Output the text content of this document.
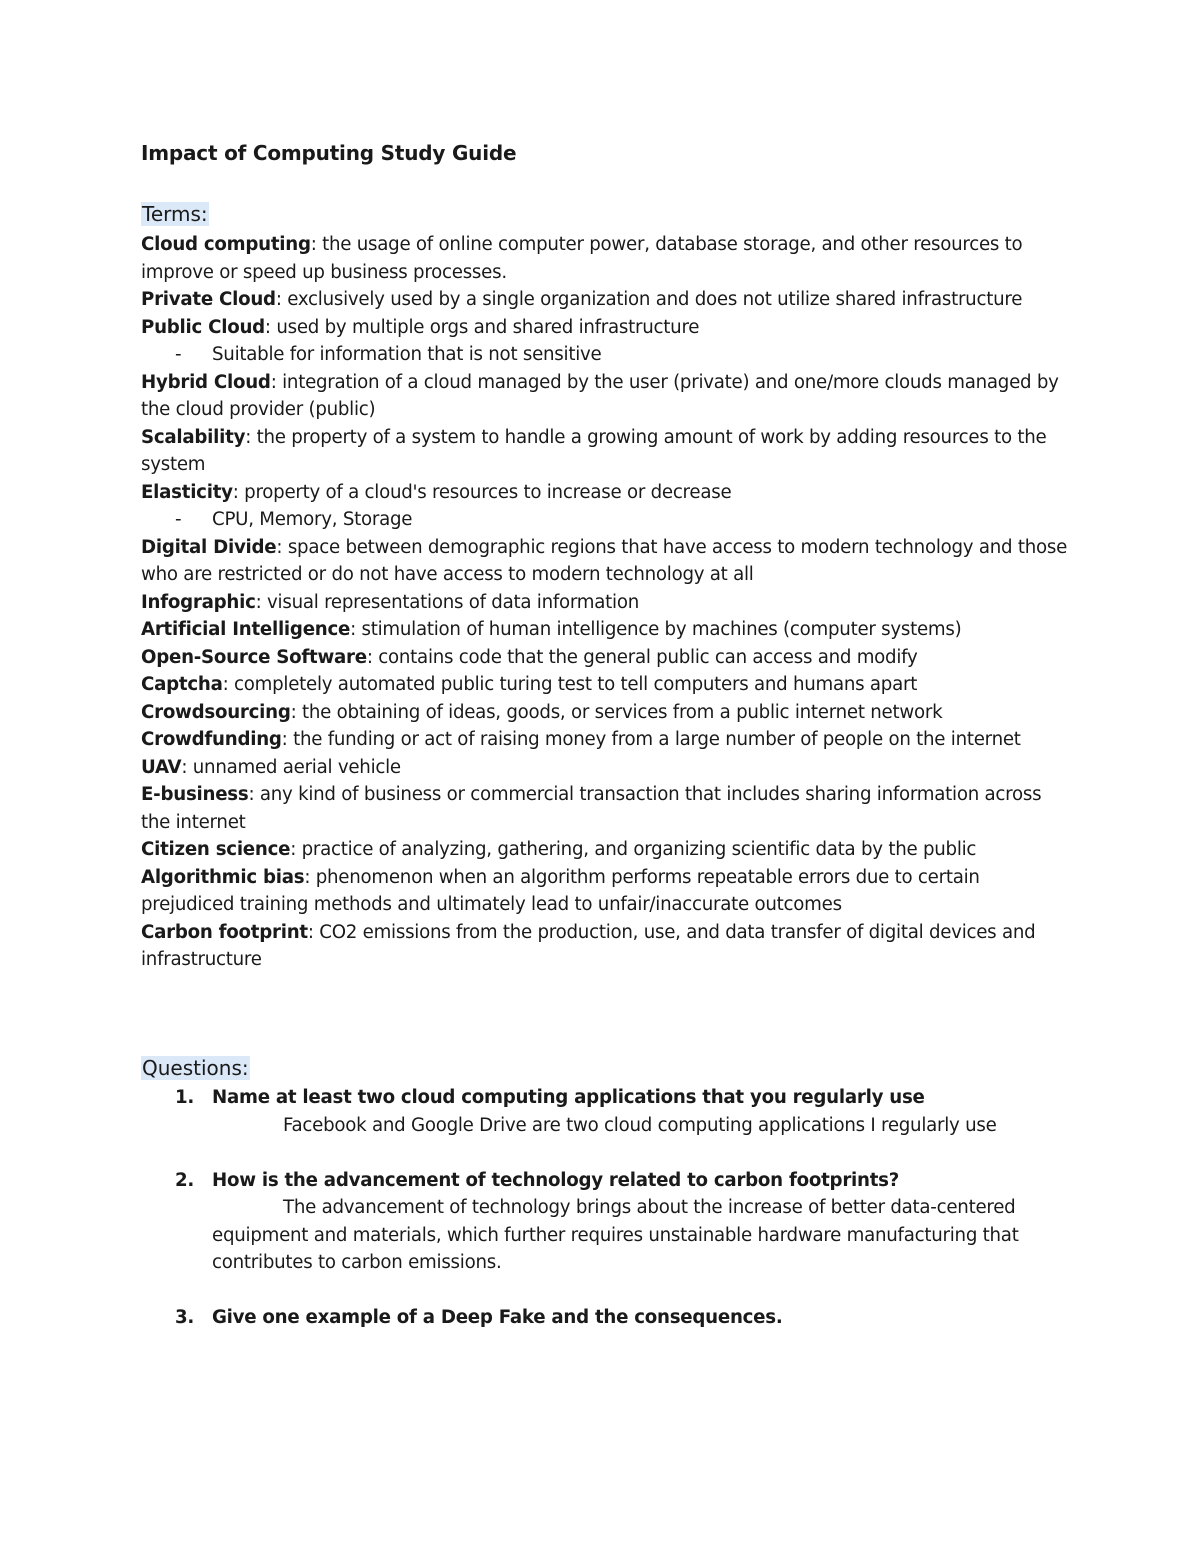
Impact of Computing Study Guide
Terms:

Cloud computing: the usage of online computer power, database storage, and other resources to improve or speed up business processes.

Private Cloud: exclusively used by a single organization and does not utilize shared infrastructure

Public Cloud: used by multiple orgs and shared infrastructure

- Suitable for information that is not sensitive

Hybrid Cloud: integration of a cloud managed by the user (private) and one/more clouds managed by the cloud provider (public)

Scalability: the property of a system to handle a growing amount of work by adding resources to the system

Elasticity: property of a cloud's resources to increase or decrease

- CPU, Memory, Storage

Digital Divide: space between demographic regions that have access to modern technology and those who are restricted or do not have access to modern technology at all

Infographic: visual representations of data information

Artificial Intelligence: stimulation of human intelligence by machines (computer systems)

Open-Source Software: contains code that the general public can access and modify

Captcha: completely automated public turing test to tell computers and humans apart

Crowdsourcing: the obtaining of ideas, goods, or services from a public internet network

Crowdfunding: the funding or act of raising money from a large number of people on the internet

UAV: unnamed aerial vehicle

E-business: any kind of business or commercial transaction that includes sharing information across the internet

Citizen science: practice of analyzing, gathering, and organizing scientific data by the public

Algorithmic bias: phenomenon when an algorithm performs repeatable errors due to certain prejudiced training methods and ultimately lead to unfair/inaccurate outcomes

Carbon footprint: CO2 emissions from the production, use, and data transfer of digital devices and infrastructure

Questions:
1. Name at least two cloud computing applications that you regularly use
Facebook and Google Drive are two cloud computing applications I regularly use
2. How is the advancement of technology related to carbon footprints?
The advancement of technology brings about the increase of better data-centered equipment and materials, which further requires unstainable hardware manufacturing that contributes to carbon emissions.
3. Give one example of a Deep Fake and the consequences.
